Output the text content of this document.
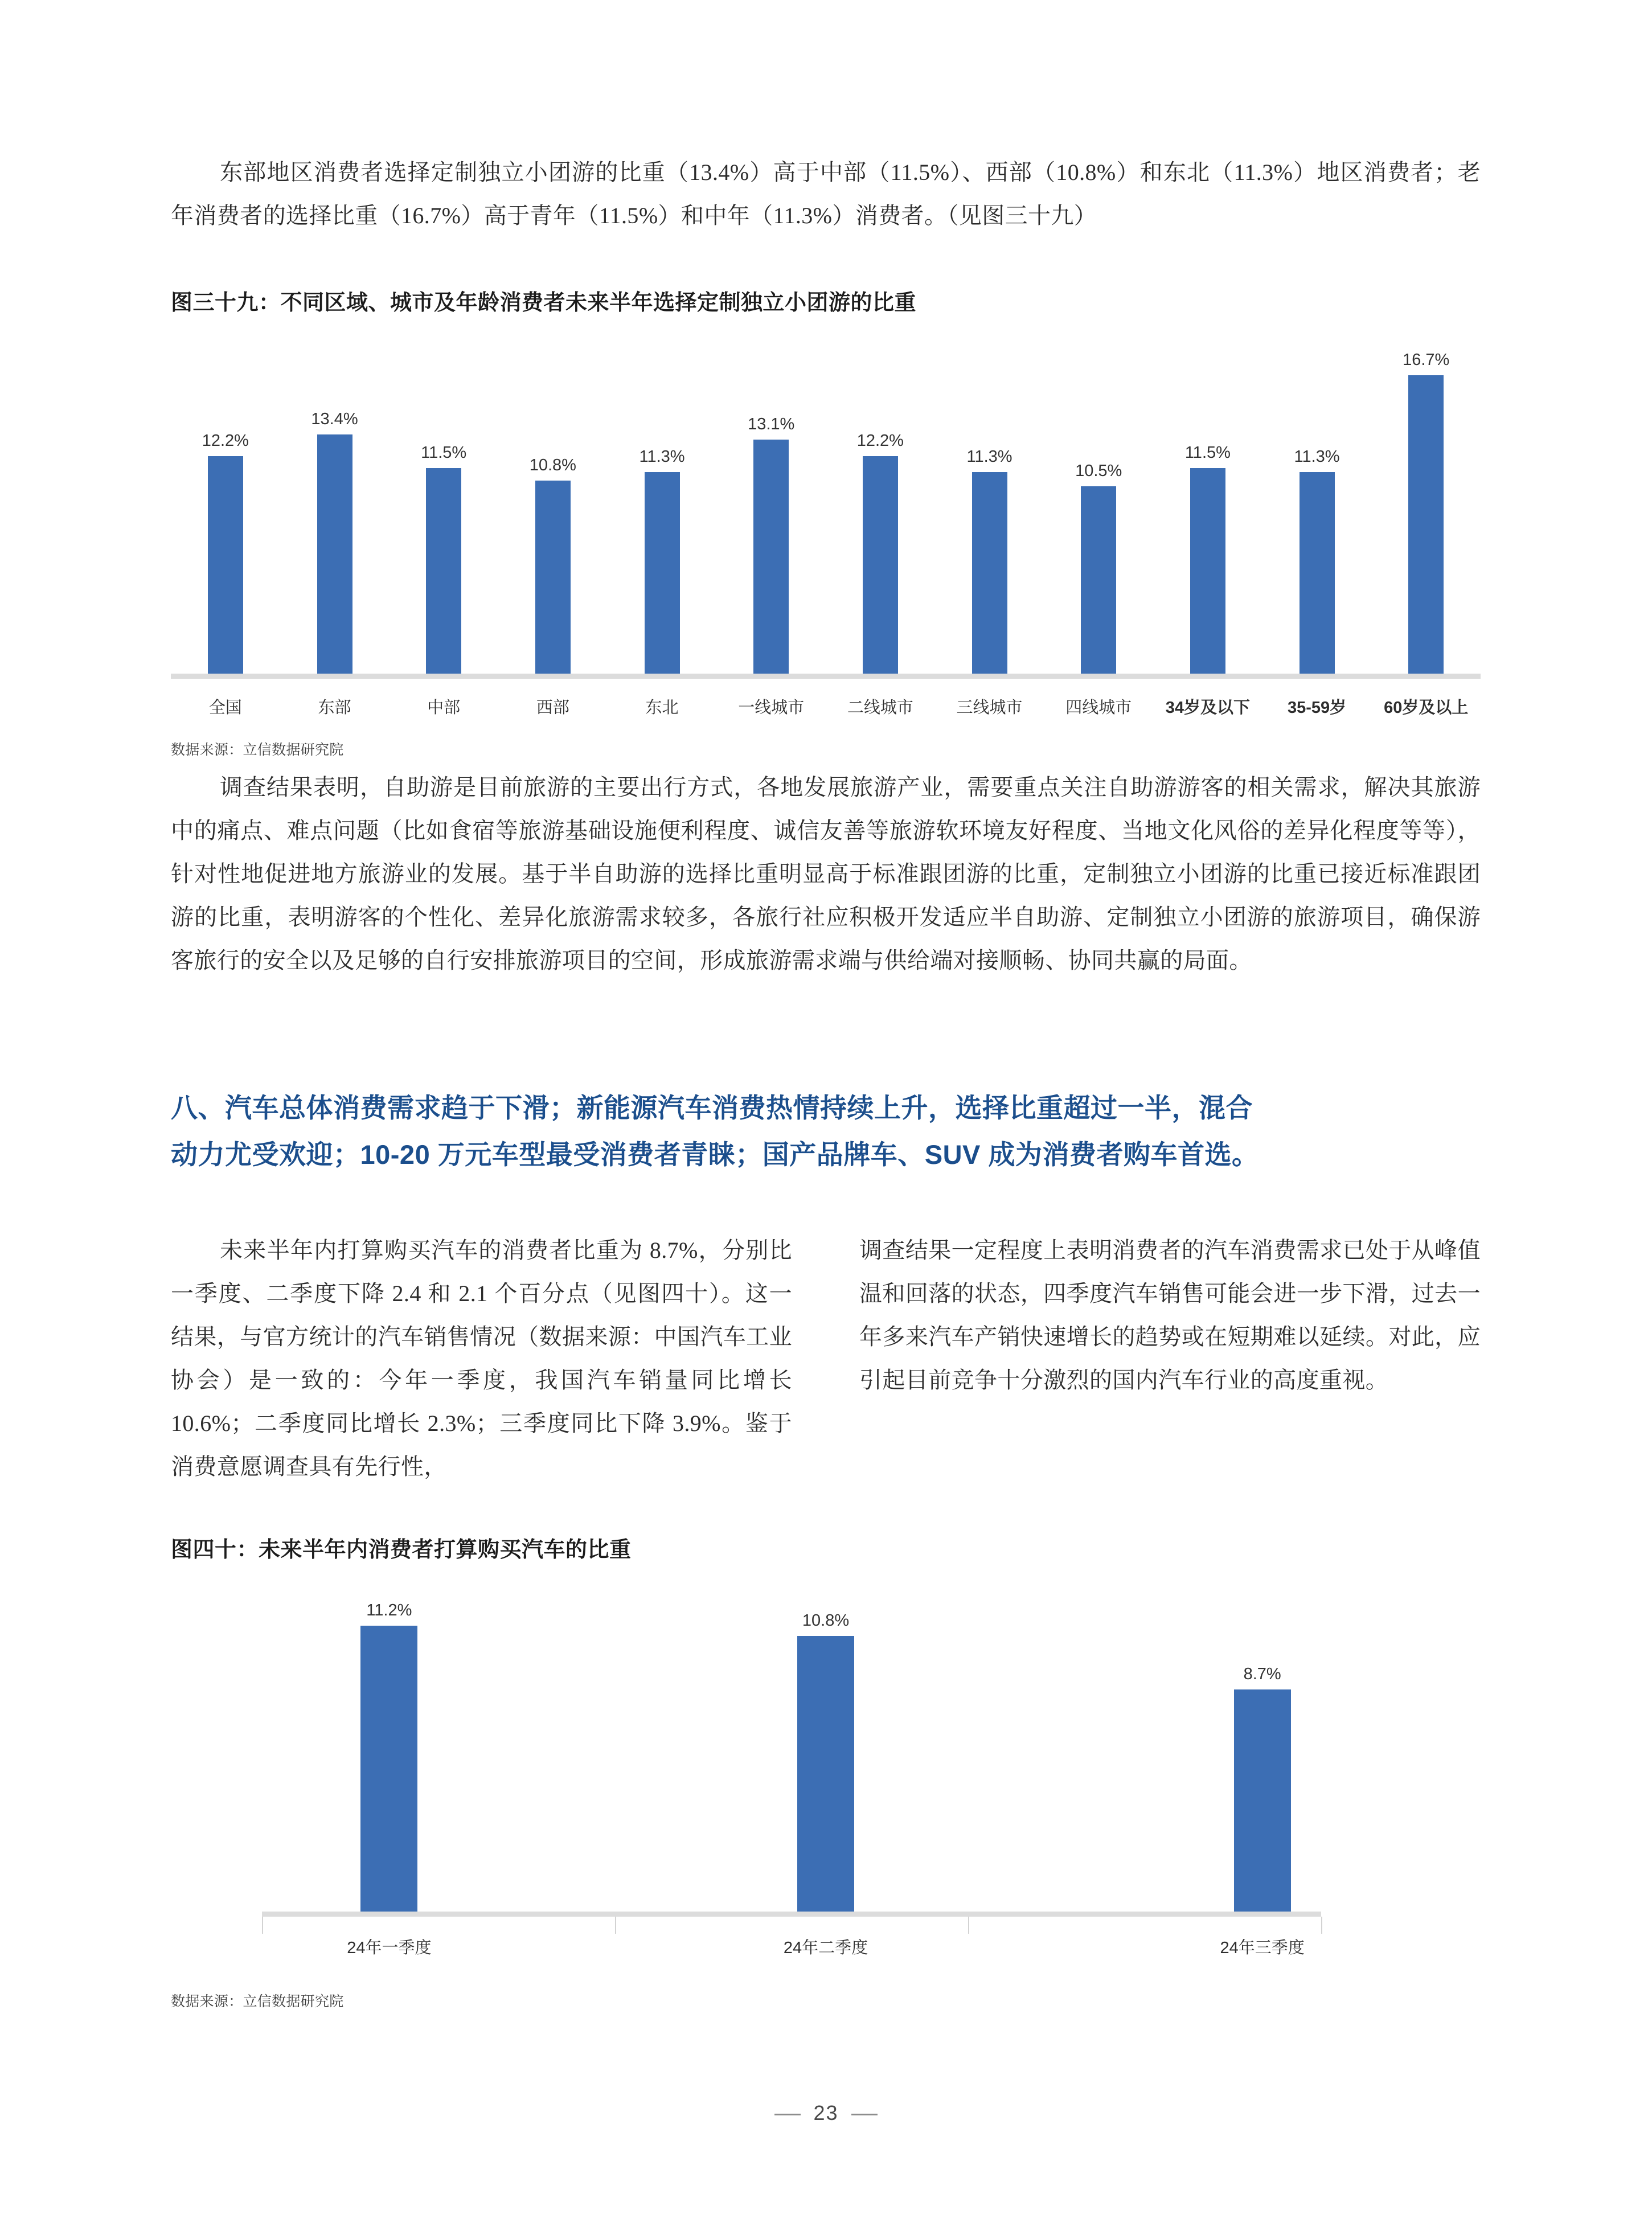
东部地区消费者选择定制独立小团游的比重（13.4%）高于中部（11.5%）、西部（10.8%）和东北（11.3%）地区消费者；老年消费者的选择比重（16.7%）高于青年（11.5%）和中年（11.3%）消费者。（见图三十九）

图三十九：不同区域、城市及年龄消费者未来半年选择定制独立小团游的比重
12.2%
13.4%
11.5%
10.8%	11.3%
13.1%
12.2%
11.3%
10.5%
11.5%	11.3%
16.7%
全国	东部	中部	西部	东北	一线城市	二线城市	三线城市	四线城市	34岁及以下	35-59岁	60岁及以上
数据来源：立信数据研究院

调查结果表明，自助游是目前旅游的主要出行方式，各地发展旅游产业，需要重点关注自助游游客的相关需求，解决其旅游中的痛点、难点问题（比如食宿等旅游基础设施便利程度、诚信友善等旅游软环境友好程度、当地文化风俗的差异化程度等等），针对性地促进地方旅游业的发展。基于半自助游的选择比重明显高于标准跟团游的比重，定制独立小团游的比重已接近标准跟团游的比重，表明游客的个性化、差异化旅游需求较多，各旅行社应积极开发适应半自助游、定制独立小团游的旅游项目，确保游客旅行的安全以及足够的自行安排旅游项目的空间，形成旅游需求端与供给端对接顺畅、协同共赢的局面。

八、汽车总体消费需求趋于下滑；新能源汽车消费热情持续上升，选择比重超过一半，混合
动力尤受欢迎；10-20 万元车型最受消费者青睐；国产品牌车、SUV 成为消费者购车首选。

未来半年内打算购买汽车的消费者比重为 8.7%，分别比一季度、二季度下降 2.4 和 2.1 个百分点（见图四十）。这一结果，与官方统计的汽车销售情况（数据来源：中国汽车工业协会）是一致的：今年一季度，我国汽车销量同比增长 10.6%；二季度同比增长 2.3%；三季度同比下降 3.9%。鉴于消费意愿调查具有先行性，

调查结果一定程度上表明消费者的汽车消费需求已处于从峰值温和回落的状态，四季度汽车销售可能会进一步下滑，过去一年多来汽车产销快速增长的趋势或在短期难以延续。对此，应引起目前竞争十分激烈的国内汽车行业的高度重视。

图四十：未来半年内消费者打算购买汽车的比重
11.2%
10.8%
8.7%
24年一季度	24年二季度	24年三季度
数据来源：立信数据研究院
23
